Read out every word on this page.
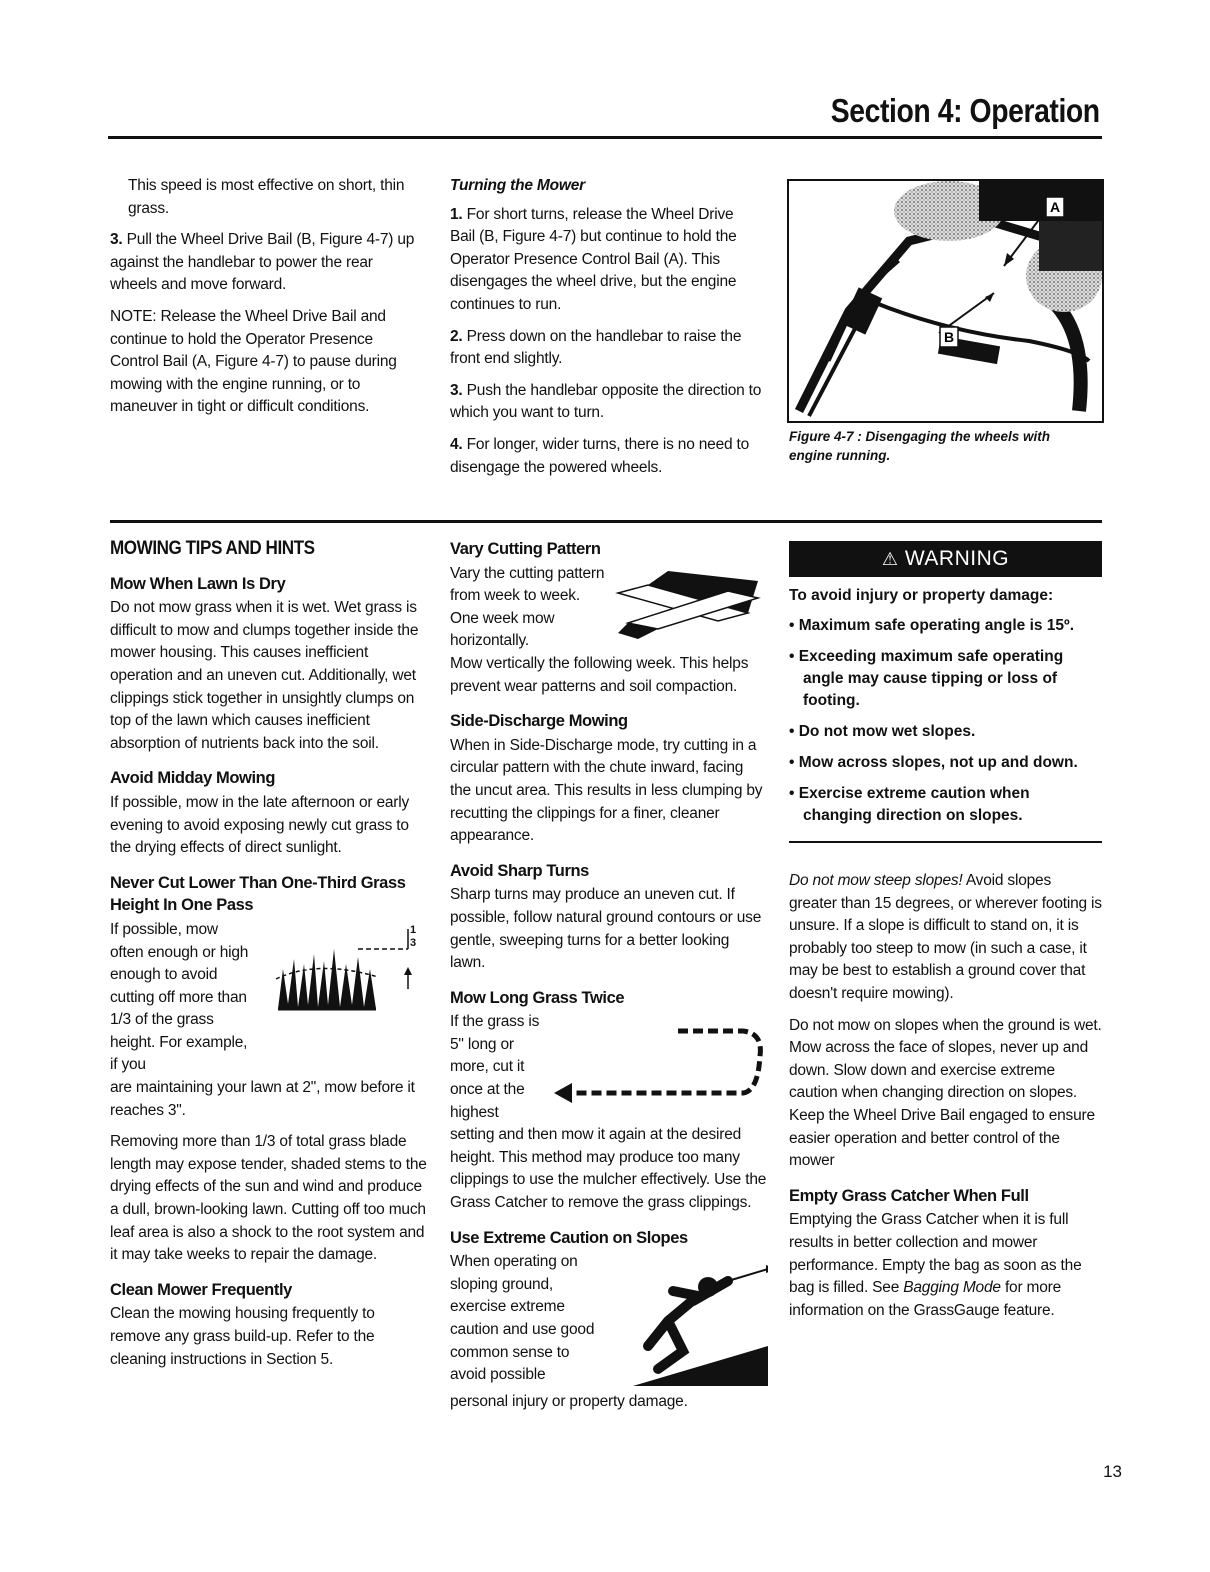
Section 4: Operation

This speed is most effective on short, thin grass.

3. Pull the Wheel Drive Bail (B, Figure 4-7) up against the handlebar to power the rear wheels and move forward.

NOTE: Release the Wheel Drive Bail and continue to hold the Operator Presence Control Bail (A, Figure 4-7) to pause during mowing with the engine running, or to maneuver in tight or difficult conditions.

Turning the Mower

1. For short turns, release the Wheel Drive Bail (B, Figure 4-7) but continue to hold the Operator Presence Control Bail (A). This disengages the wheel drive, but the engine continues to run.

2. Press down on the handlebar to raise the front end slightly.

3. Push the handlebar opposite the direction to which you want to turn.

4. For longer, wider turns, there is no need to disengage the powered wheels.

A
B
Figure 4-7 : Disengaging the wheels with engine running.
MOWING TIPS AND HINTS
Mow When Lawn Is Dry

Do not mow grass when it is wet. Wet grass is difficult to mow and clumps together inside the mower housing. This causes inefficient operation and an uneven cut. Additionally, wet clippings stick together in unsightly clumps on top of the lawn which causes inefficient absorption of nutrients back into the soil.

Avoid Midday Mowing

If possible, mow in the late afternoon or early evening to avoid exposing newly cut grass to the drying effects of direct sunlight.

Never Cut Lower Than One-Third Grass Height In One Pass
1
3
If possible, mow often enough or high enough to avoid cutting off more than 1/3 of the grass height. For example, if you

are maintaining your lawn at 2", mow before it reaches 3".

Removing more than 1/3 of total grass blade length may expose tender, shaded stems to the drying effects of the sun and wind and produce a dull, brown-looking lawn. Cutting off too much leaf area is also a shock to the root system and it may take weeks to repair the damage.

Clean Mower Frequently

Clean the mowing housing frequently to remove any grass build-up. Refer to the cleaning instructions in Section 5.

Vary Cutting Pattern
Vary the cutting pattern from week to week. One week mow horizontally.

Mow vertically the following week. This helps prevent wear patterns and soil compaction.

Side-Discharge Mowing

When in Side-Discharge mode, try cutting in a circular pattern with the chute inward, facing the uncut area. This results in less clumping by recutting the clippings for a finer, cleaner appearance.

Avoid Sharp Turns

Sharp turns may produce an uneven cut. If possible, follow natural ground contours or use gentle, sweeping turns for a better looking lawn.

Mow Long Grass Twice
If the grass is 5" long or more, cut it once at the highest

setting and then mow it again at the desired height. This method may produce too many clippings to use the mulcher effectively. Use the Grass Catcher to remove the grass clippings.

Use Extreme Caution on Slopes
When operating on sloping ground, exercise extreme caution and use good common sense to avoid possible

personal injury or property damage.

⚠ WARNING
To avoid injury or property damage:
• Maximum safe operating angle is 15º.
• Exceeding maximum safe operating angle may cause tipping or loss of footing.
• Do not mow wet slopes.
• Mow across slopes, not up and down.
• Exercise extreme caution when changing direction on slopes.

Do not mow steep slopes! Avoid slopes greater than 15 degrees, or wherever footing is unsure. If a slope is difficult to stand on, it is probably too steep to mow (in such a case, it may be best to establish a ground cover that doesn't require mowing).

Do not mow on slopes when the ground is wet. Mow across the face of slopes, never up and down. Slow down and exercise extreme caution when changing direction on slopes. Keep the Wheel Drive Bail engaged to ensure easier operation and better control of the mower

Empty Grass Catcher When Full

Emptying the Grass Catcher when it is full results in better collection and mower performance. Empty the bag as soon as the bag is filled. See Bagging Mode for more information on the GrassGauge feature.

13
